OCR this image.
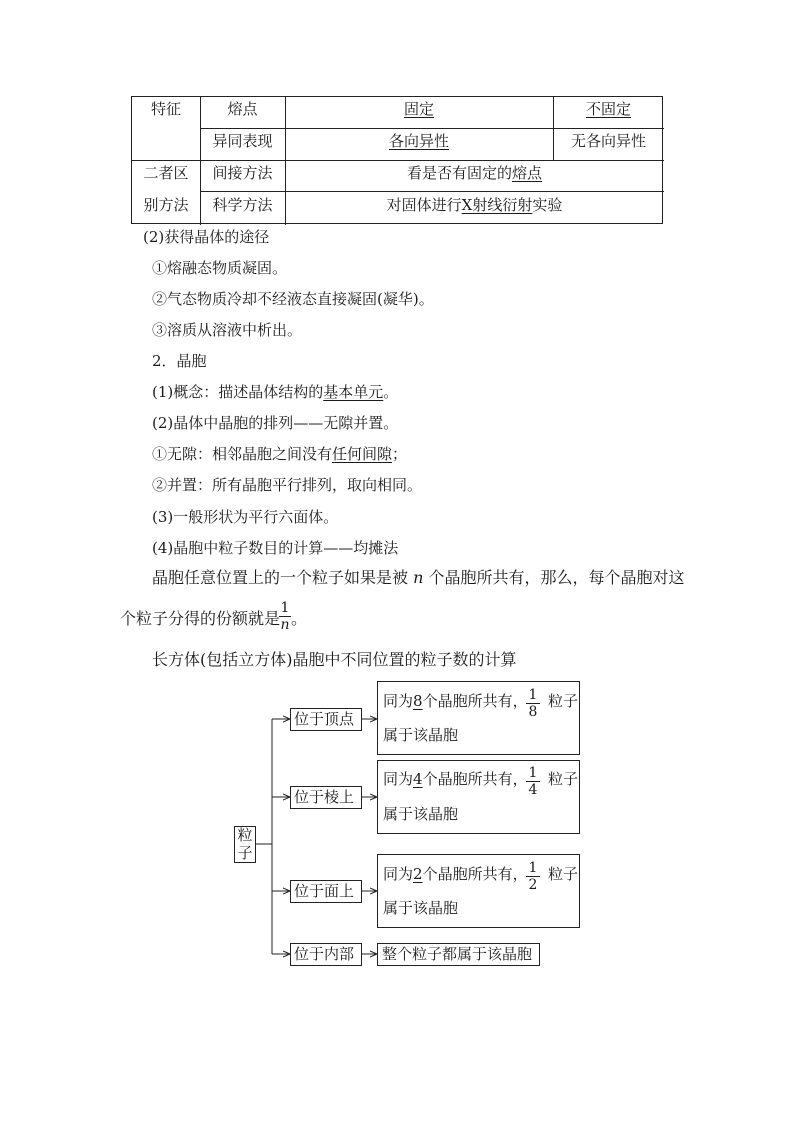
特征	熔点	固定	不固定
异同表现	各向异性	无各向异性
二者区	间接方法	看是否有固定的熔点
别方法	科学方法	对固体进行X射线衍射实验
(2)获得晶体的途径
①熔融态物质凝固。
②气态物质冷却不经液态直接凝固(凝华)。
③溶质从溶液中析出。
2．晶胞
(1)概念：描述晶体结构的基本单元。
(2)晶体中晶胞的排列——无隙并置。
①无隙：相邻晶胞之间没有任何间隙；
②并置：所有晶胞平行排列，取向相同。
(3)一般形状为平行六面体。
(4)晶胞中粒子数目的计算——均摊法
晶胞任意位置上的一个粒子如果是被 n 个晶胞所共有，那么，每个晶胞对这
个粒子分得的份额就是
1
n 。
长方体(包括立方体)晶胞中不同位置的粒子数的计算
粒子
位于顶点
位于棱上
位于面上
位于内部
同为8个晶胞所共有， 1
8
粒子
属于该晶胞
同为4个晶胞所共有， 1
4
粒子
属于该晶胞
同为2个晶胞所共有， 1
2
粒子
属于该晶胞
整个粒子都属于该晶胞
